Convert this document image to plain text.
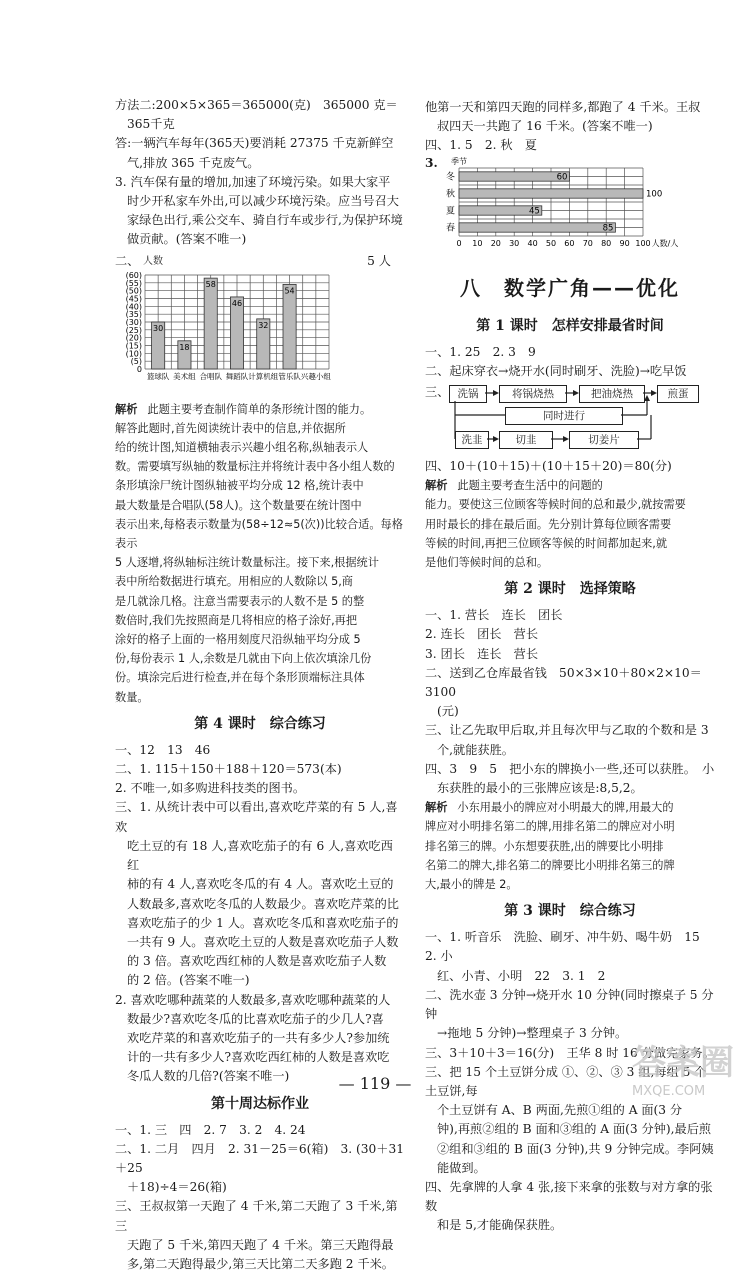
方法二:200×5×365＝365000(克)　365000 克＝

365千克

答:一辆汽车每年(365天)要消耗 27375 千克新鲜空

气,排放 365 千克废气。

3. 汽车保有量的增加,加速了环境污染。如果大家平

时少开私家车外出,可以减少环境污染。应当号召大

家绿色出行,乘公交车、骑自行车或步行,为保护环境

做贡献。(答案不唯一)

二、 人数	5 人
(60)
(55)
(50)
(45)
(40)
(35)
(30)
(25)
(20)
(15)
(10)
(5)
0
篮球队
30
美术组
18
合唱队
58
舞蹈队
46
计算机组
32
管乐队
54
兴趣小组

解析 此题主要考查制作简单的条形统计图的能力。

解答此题时,首先阅读统计表中的信息,并依据所

给的统计图,知道横轴表示兴趣小组名称,纵轴表示人

数。需要填写纵轴的数量标注并将统计表中各小组人数的

条形填涂尸统计图纵轴被平均分成 12 格,统计表中

最大数量是合唱队(58人)。这个数量要在统计图中

表示出来,每格表示数量为(58÷12≈5(次))比较合适。每格表示

5 人逐增,将纵轴标注统计数量标注。接下来,根据统计

表中所给数据进行填充。用相应的人数除以 5,商

是几就涂几格。注意当需要表示的人数不是 5 的整

数倍时,我们先按照商是几将相应的格子涂好,再把

涂好的格子上面的一格用刻度尺沿纵轴平均分成 5

份,每份表示 1 人,余数是几就由下向上依次填涂几份

份。填涂完后进行检查,并在每个条形顶端标注具体

数量。

第 4 课时　综合练习

一、12　13　46

二、1. 115＋150＋188＋120＝573(本)

2. 不唯一,如多购进科技类的图书。

三、1. 从统计表中可以看出,喜欢吃芹菜的有 5 人,喜欢

吃土豆的有 18 人,喜欢吃茄子的有 6 人,喜欢吃西红

柿的有 4 人,喜欢吃冬瓜的有 4 人。喜欢吃土豆的

人数最多,喜欢吃冬瓜的人数最少。喜欢吃芹菜的比

喜欢吃茄子的少 1 人。喜欢吃冬瓜和喜欢吃茄子的

一共有 9 人。喜欢吃土豆的人数是喜欢吃茄子人数

的 3 倍。喜欢吃西红柿的人数是喜欢吃茄子人数

的 2 倍。(答案不唯一)

2. 喜欢吃哪种蔬菜的人数最多,喜欢吃哪种蔬菜的人

数最少?喜欢吃冬瓜的比喜欢吃茄子的少几人?喜

欢吃芹菜的和喜欢吃茄子的一共有多少人?参加统

计的一共有多少人?喜欢吃西红柿的人数是喜欢吃

冬瓜人数的几倍?(答案不唯一)

第十周达标作业

一、1. 三　四　2. 7　3. 2　4. 24

二、1. 二月　四月　2. 31－25＝6(箱)　3. (30＋31＋25

＋18)÷4＝26(箱)

三、王叔叔第一天跑了 4 千米,第二天跑了 3 千米,第三

天跑了 5 千米,第四天跑了 4 千米。第三天跑得最

多,第二天跑得最少,第三天比第二天多跑 2 千米。

他第一天和第四天跑的同样多,都跑了 4 千米。王叔

叔四天一共跑了 16 千米。(答案不唯一)

四、1. 5　2. 秋　夏

3. 季节
人数/人
0 10 20 30 40 50 60 70 80 90 100
冬	60
秋	100
夏	45
春	85
八　数学广角——优化
第 1 课时　怎样安排最省时间

一、1. 25　2. 3　9

二、起床穿衣→烧开水(同时刷牙、洗脸)→吃早饭

三、 洗锅	将锅烧热	把油烧热	煎蛋
同时进行
洗韭	切韭	切姜片

四、10＋(10＋15)＋(10＋15＋20)＝80(分)

解析 此题主要考查生活中的问题的

能力。要使这三位顾客等候时间的总和最少,就按需要

用时最长的排在最后面。先分别计算每位顾客需要

等候的时间,再把三位顾客等候的时间都加起来,就

是他们等候时间的总和。

第 2 课时　选择策略

一、1. 营长　连长　团长

2. 连长　团长　营长

3. 团长　连长　营长

二、送到乙仓库最省钱　50×3×10＋80×2×10＝3100

(元)

三、让乙先取甲后取,并且每次甲与乙取的个数和是 3

个,就能获胜。

四、3　9　5　把小东的牌换小一些,还可以获胜。　小

东获胜的最小的三张牌应该是:8,5,2。

解析 小东用最小的牌应对小明最大的牌,用最大的

牌应对小明排名第二的牌,用排名第二的牌应对小明

排名第三的牌。小东想要获胜,出的牌要比小明排

名第二的牌大,排名第二的牌要比小明排名第三的牌

大,最小的牌是 2。

第 3 课时　综合练习

一、1. 听音乐　洗脸、刷牙、冲牛奶、喝牛奶　15　2. 小

红、小青、小明　22　3. 1　2

二、洗水壶 3 分钟→烧开水 10 分钟(同时擦桌子 5 分钟

→拖地 5 分钟)→整理桌子 3 分钟。

三、3＋10＋3＝16(分)　王华 8 时 16 分做完家务。

三、把 15 个土豆饼分成 ①、②、③ 3 组,每组 5 个土豆饼,每

个土豆饼有 A、B 两面,先煎①组的 A 面(3 分

钟),再煎②组的 B 面和③组的 A 面(3 分钟),最后煎

②组和③组的 B 面(3 分钟),共 9 分钟完成。李阿姨

能做到。

四、先拿牌的人拿 4 张,接下来拿的张数与对方拿的张数

和是 5,才能确保获胜。

— 119 —
答案圈
MXQE.COM
